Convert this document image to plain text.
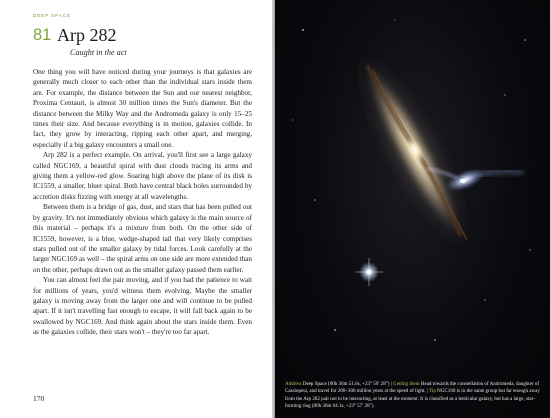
DEEP SPACE
81 Arp 282
Caught in the act

One thing you will have noticed during your journeys is that galaxies are generally much closer to each other than the individual stars inside them are. For example, the distance between the Sun and our nearest neighbor, Proxima Centauri, is almost 30 million times the Sun's diameter. But the distance between the Milky Way and the Andromeda galaxy is only 15–25 times their size. And because everything is in motion, galaxies collide. In fact, they grow by interacting, ripping each other apart, and merging, especially if a big galaxy encounters a small one.

Arp 282 is a perfect example. On arrival, you'll first see a large galaxy called NGC169, a beautiful spiral with dust clouds tracing its arms and giving them a yellow-red glow. Soaring high above the plane of its disk is IC1559, a smaller, bluer spiral. Both have central black holes surrounded by accretion disks fizzing with energy at all wavelengths.

Between them is a bridge of gas, dust, and stars that has been pulled out by gravity. It's not immediately obvious which galaxy is the main source of this material – perhaps it's a mixture from both. On the other side of IC1559, however, is a blue, wedge-shaped tail that very likely comprises stars pulled out of the smaller galaxy by tidal forces. Look carefully at the larger NGC169 as well – the spiral arms on one side are more extended than on the other, perhaps drawn out as the smaller galaxy passed them earlier.

You can almost feel the pair moving, and if you had the patience to wait for millions of years, you'd witness them evolving. Maybe the smaller galaxy is moving away from the larger one and will continue to be pulled apart. If it isn't travelling fast enough to escape, it will fall back again to be swallowed by NGC169. And think again about the stars inside them. Even as the galaxies collide, their stars won't – they're too far apart.

170
Address Deep Space (00h 36m 51.6s, +23° 59′ 28″) | Getting them Head towards the constellation of Andromeda, daughter of Cassiopeia, and travel for 200–300 million years at the speed of light. | Tip NGC160 is in the same group but far enough away from the Arp 282 pair not to be interacting, at least at the moment. It is classified as a lenticular galaxy, but has a large, star-forming ring (00h 36m 04.1s, +23° 57′ 28″).
